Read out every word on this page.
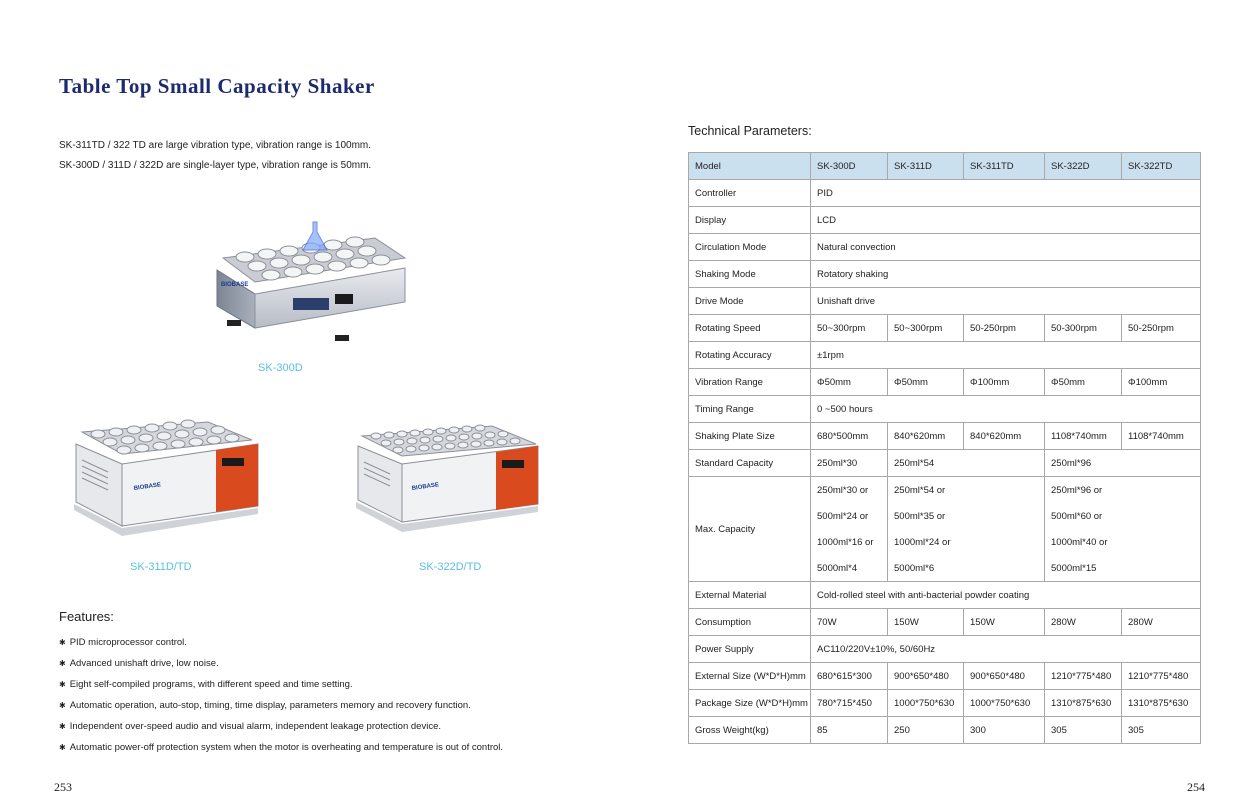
Table Top Small Capacity Shaker
SK-311TD / 322 TD are large vibration type, vibration range is 100mm.
SK-300D / 311D / 322D are single-layer type, vibration range is 50mm.
BIOBASE
SK-300D
BIOBASE
SK-311D/TD
BIOBASE
SK-322D/TD
Features:
✱ PID microprocessor control.
✱ Advanced unishaft drive, low noise.
✱ Eight self-compiled programs, with different speed and time setting.
✱ Automatic operation, auto-stop, timing, time display, parameters memory and recovery function.
✱ Independent over-speed audio and visual alarm, independent leakage protection device.
✱ Automatic power-off protection system when the motor is overheating and temperature is out of control.
253
Technical Parameters:
Model	SK-300D	SK-311D	SK-311TD	SK-322D	SK-322TD
Controller	PID				
Display	LCD				
Circulation Mode	Natural convection				
Shaking Mode	Rotatory shaking				
Drive Mode	Unishaft drive				
Rotating Speed	50~300rpm	50~300rpm	50-250rpm	50-300rpm	50-250rpm
Rotating Accuracy	±1rpm				
Vibration Range	Φ50mm	Φ50mm	Φ100mm	Φ50mm	Φ100mm
Timing Range	0 ~500 hours				
Shaking Plate Size	680*500mm	840*620mm	840*620mm	1108*740mm	1108*740mm
Standard Capacity	250ml*30	250ml*54		250ml*96	
Max. Capacity	250ml*30 or	250ml*54 or		250ml*96 or	
	500ml*24 or	500ml*35 or		500ml*60 or	
	1000ml*16 or	1000ml*24 or		1000ml*40 or	
	5000ml*4	5000ml*6		5000ml*15	
External Material	Cold-rolled steel with anti-bacterial powder coating				
Consumption	70W	150W	150W	280W	280W
Power Supply	AC110/220V±10%, 50/60Hz				
External Size (W*D*H)mm	680*615*300	900*650*480	900*650*480	1210*775*480	1210*775*480
Package Size (W*D*H)mm	780*715*450	1000*750*630	1000*750*630	1310*875*630	1310*875*630
Gross Weight(kg)	85	250	300	305	305
254
